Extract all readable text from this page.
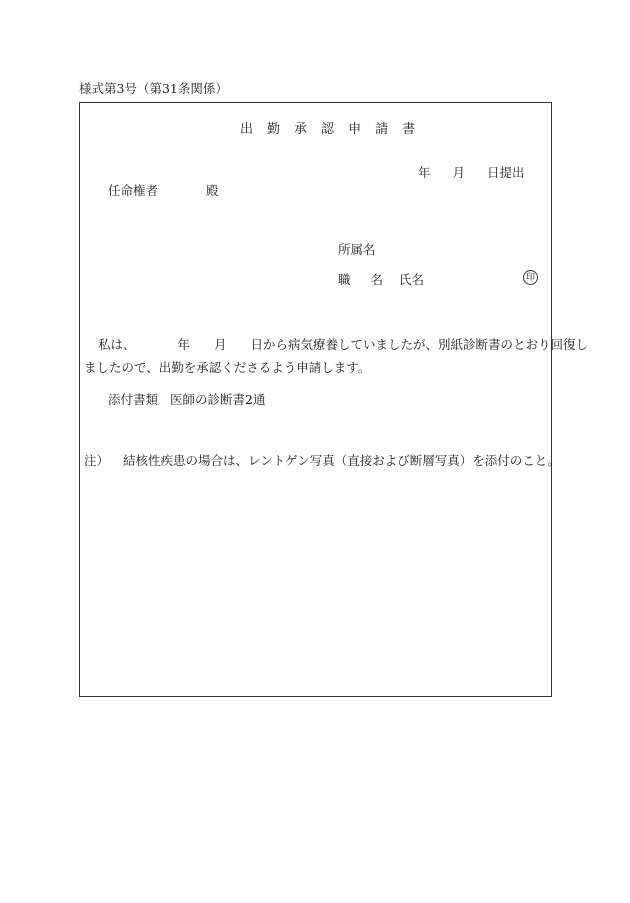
様式第3号（第31条関係）
出 勤 承 認 申 請 書
年 月 日提出
任命権者	殿
所属名
職 名 氏名	印
私は、	年 月 日から病気療養していましたが、別紙診断書のとおり回復し
ましたので、出勤を承認くださるよう申請します。
添付書類 医師の診断書2通
注） 結核性疾患の場合は、レントゲン写真（直接および断層写真）を添付のこと。
